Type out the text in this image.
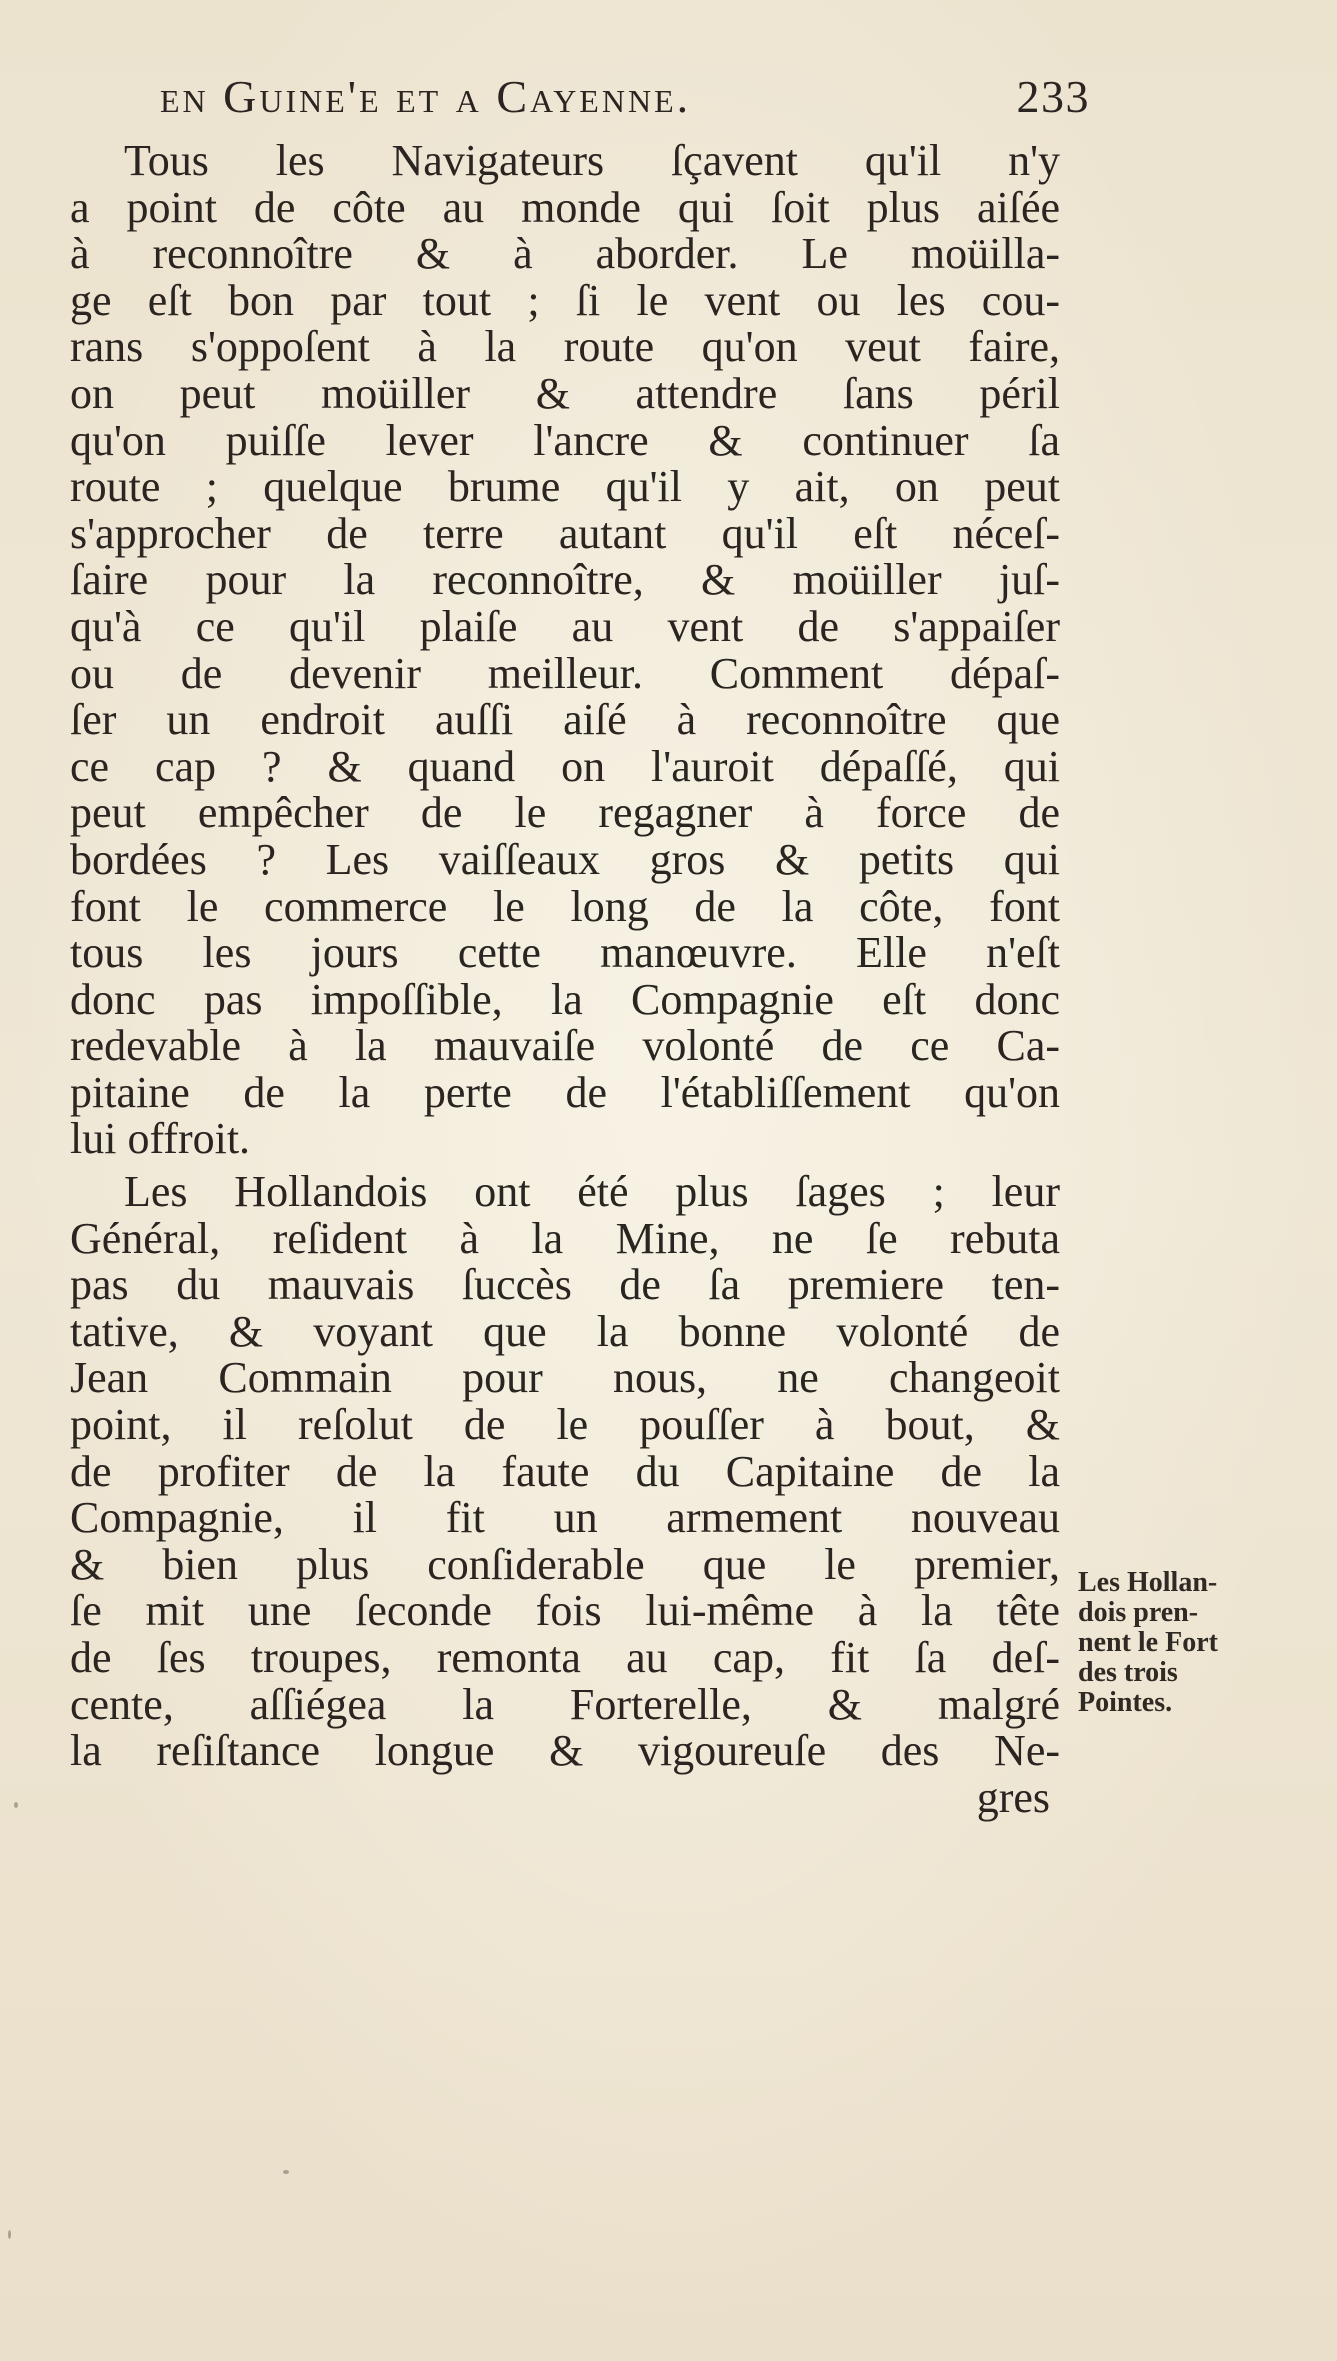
en Guine'e et a Cayenne.	233
Tous les Navigateurs ſçavent qu'il n'y
a point de côte au monde qui ſoit plus aiſée
à reconnoître & à aborder. Le moüilla-
ge eſt bon par tout ; ſi le vent ou les cou-
rans s'oppoſent à la route qu'on veut faire,
on peut moüiller & attendre ſans péril
qu'on puiſſe lever l'ancre & continuer ſa
route ; quelque brume qu'il y ait, on peut
s'approcher de terre autant qu'il eſt néceſ-
ſaire pour la reconnoître, & moüiller juſ-
qu'à ce qu'il plaiſe au vent de s'appaiſer
ou de devenir meilleur. Comment dépaſ-
ſer un endroit auſſi aiſé à reconnoître que
ce cap ? & quand on l'auroit dépaſſé, qui
peut empêcher de le regagner à force de
bordées ? Les vaiſſeaux gros & petits qui
font le commerce le long de la côte, font
tous les jours cette manœuvre. Elle n'eſt
donc pas impoſſible, la Compagnie eſt donc
redevable à la mauvaiſe volonté de ce Ca-
pitaine de la perte de l'établiſſement qu'on
lui offroit.
Les Hollandois ont été plus ſages ; leur
Général, reſident à la Mine, ne ſe rebuta
pas du mauvais ſuccès de ſa premiere ten-
tative, & voyant que la bonne volonté de
Jean Commain pour nous, ne changeoit
point, il reſolut de le pouſſer à bout, &
de profiter de la faute du Capitaine de la
Compagnie, il fit un armement nouveau
& bien plus conſiderable que le premier,
ſe mit une ſeconde fois lui-même à la tête
de ſes troupes, remonta au cap, fit ſa deſ-
cente, aſſiégea la Forterelle, & malgré
la reſiſtance longue & vigoureuſe des Ne-
gres
Les Hollan-
dois pren-
nent le Fort
des trois
Pointes.
